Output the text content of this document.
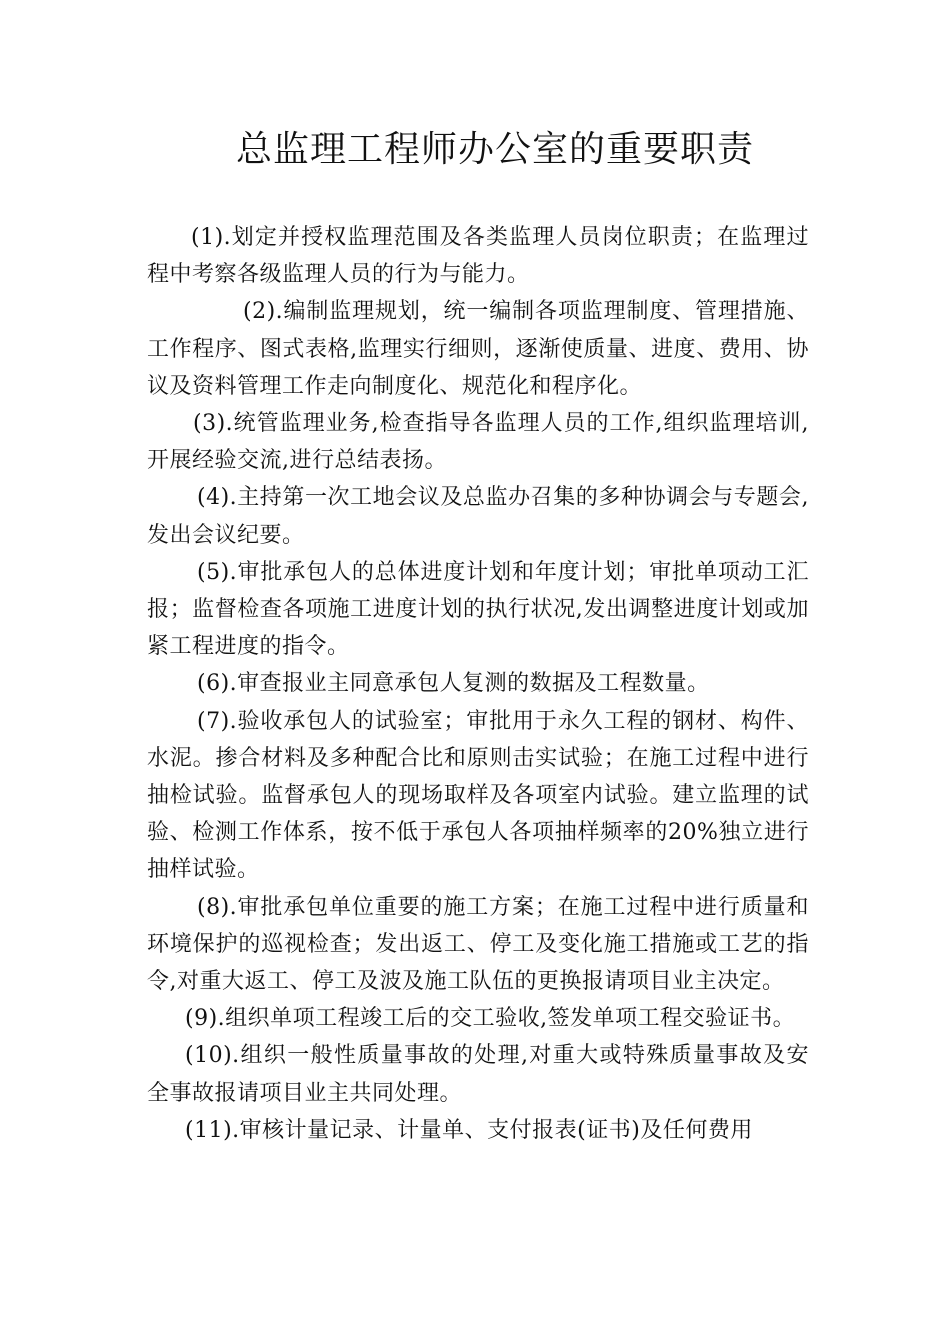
总监理工程师办公室的重要职责

(1).划定并授权监理范围及各类监理人员岗位职责；在监理过程中考察各级监理人员的行为与能力。

(2).编制监理规划，统一编制各项监理制度、管理措施、工作程序、图式表格,监理实行细则，逐渐使质量、进度、费用、协议及资料管理工作走向制度化、规范化和程序化。

(3).统管监理业务,检查指导各监理人员的工作,组织监理培训,开展经验交流,进行总结表扬。

(4).主持第一次工地会议及总监办召集的多种协调会与专题会,发出会议纪要。

(5).审批承包人的总体进度计划和年度计划；审批单项动工汇报；监督检查各项施工进度计划的执行状况,发出调整进度计划或加紧工程进度的指令。

(6).审查报业主同意承包人复测的数据及工程数量。

(7).验收承包人的试验室；审批用于永久工程的钢材、构件、水泥。掺合材料及多种配合比和原则击实试验；在施工过程中进行抽检试验。监督承包人的现场取样及各项室内试验。建立监理的试验、检测工作体系，按不低于承包人各项抽样频率的20%独立进行抽样试验。

(8).审批承包单位重要的施工方案；在施工过程中进行质量和环境保护的巡视检查；发出返工、停工及变化施工措施或工艺的指令,对重大返工、停工及波及施工队伍的更换报请项目业主决定。

(9).组织单项工程竣工后的交工验收,签发单项工程交验证书。

(10).组织一般性质量事故的处理,对重大或特殊质量事故及安全事故报请项目业主共同处理。

(11).审核计量记录、计量单、支付报表(证书)及任何费用
